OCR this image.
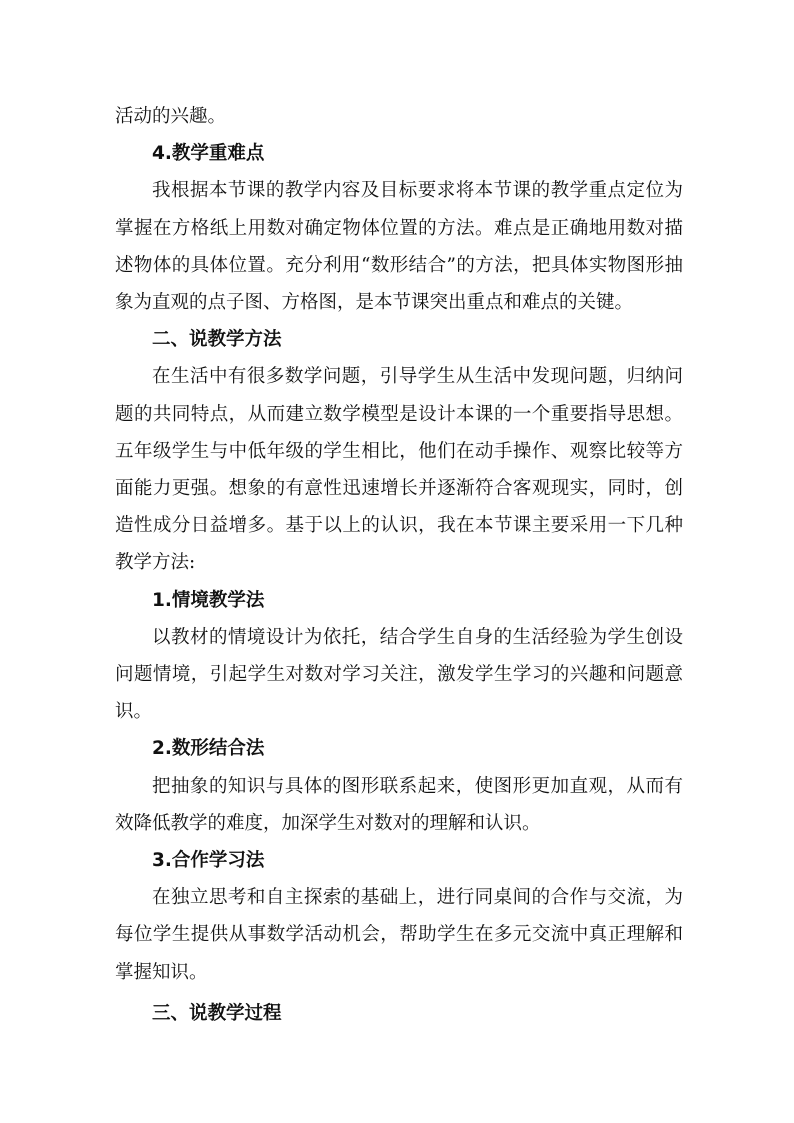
活动的兴趣。

4.教学重难点

我根据本节课的教学内容及目标要求将本节课的教学重点定位为掌握在方格纸上用数对确定物体位置的方法。难点是正确地用数对描述物体的具体位置。充分利用“数形结合”的方法，把具体实物图形抽象为直观的点子图、方格图，是本节课突出重点和难点的关键。

二、说教学方法

在生活中有很多数学问题，引导学生从生活中发现问题，归纳问题的共同特点，从而建立数学模型是设计本课的一个重要指导思想。五年级学生与中低年级的学生相比，他们在动手操作、观察比较等方面能力更强。想象的有意性迅速增长并逐渐符合客观现实，同时，创造性成分日益增多。基于以上的认识，我在本节课主要采用一下几种教学方法:

1.情境教学法

以教材的情境设计为依托，结合学生自身的生活经验为学生创设问题情境，引起学生对数对学习关注，激发学生学习的兴趣和问题意识。

2.数形结合法

把抽象的知识与具体的图形联系起来，使图形更加直观，从而有效降低教学的难度，加深学生对数对的理解和认识。

3.合作学习法

在独立思考和自主探索的基础上，进行同桌间的合作与交流，为每位学生提供从事数学活动机会，帮助学生在多元交流中真正理解和掌握知识。

三、说教学过程
